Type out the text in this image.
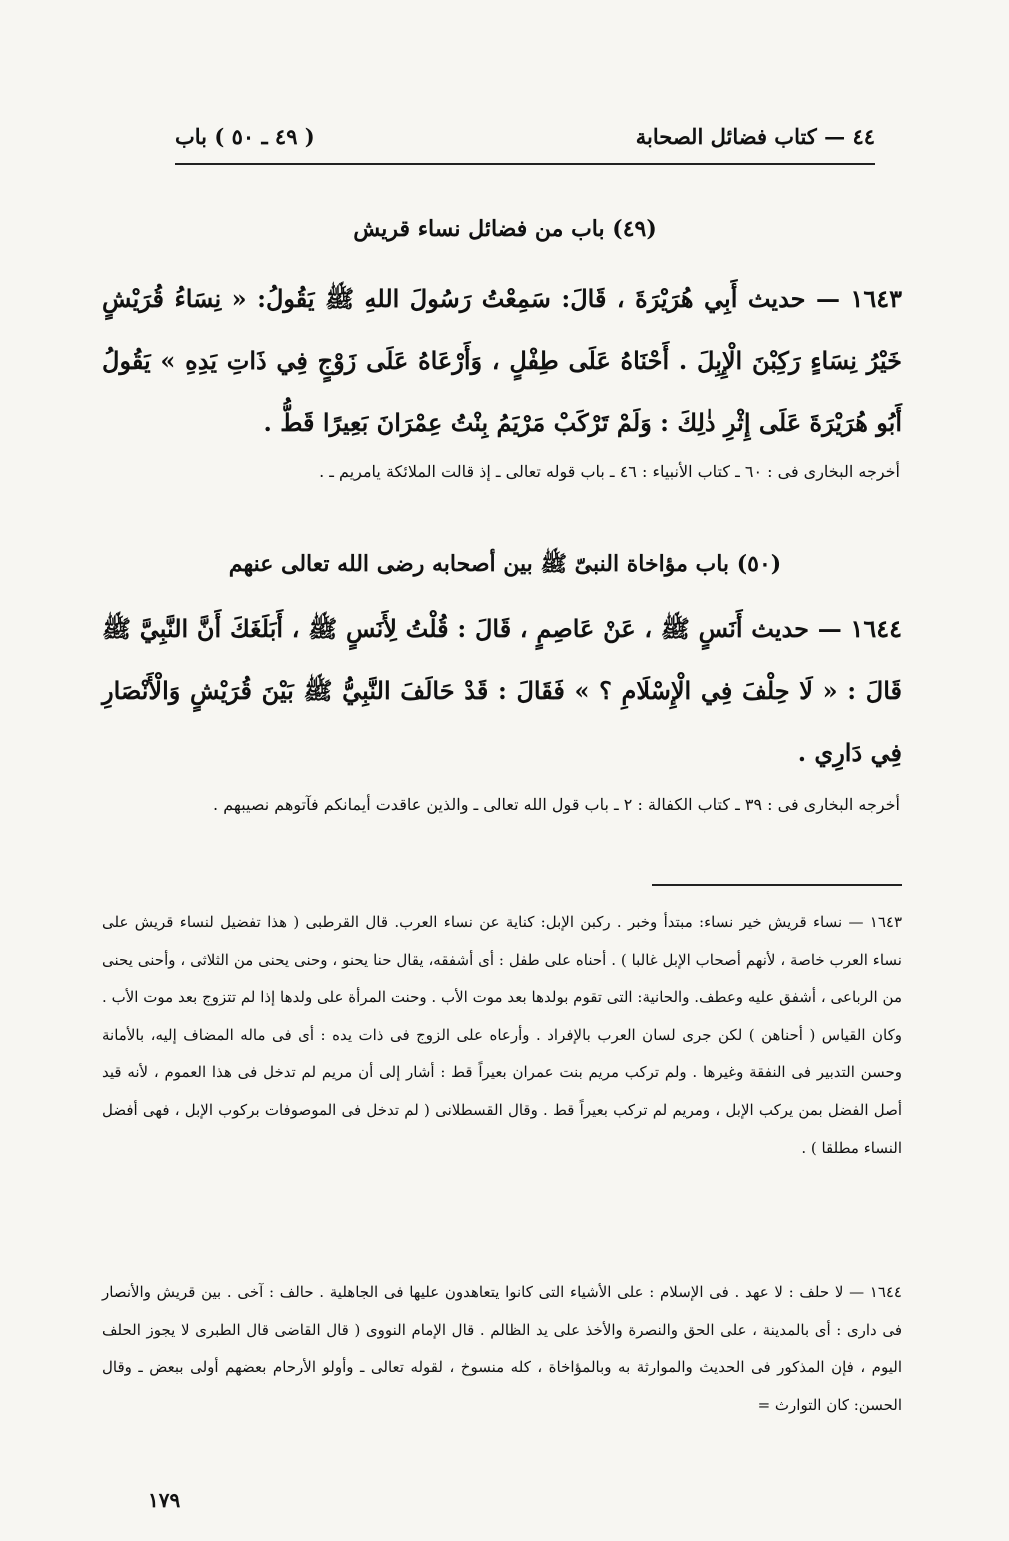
٤٤ — كتاب فضائل الصحابة
( ٤٩ ـ ٥٠ ) باب
(٤٩) باب من فضائل نساء قريش
١٦٤٣ — حديث أَبِي هُرَيْرَةَ ، قَالَ: سَمِعْتُ رَسُولَ اللهِ ﷺ يَقُولُ: « نِسَاءُ قُرَيْشٍ خَيْرُ نِسَاءٍ رَكِبْنَ الْإِبِلَ . أَحْنَاهُ عَلَى طِفْلٍ ، وَأَرْعَاهُ عَلَى زَوْجٍ فِي ذَاتِ يَدِهِ » يَقُولُ أَبُو هُرَيْرَةَ عَلَى إِثْرِ ذٰلِكَ : وَلَمْ تَرْكَبْ مَرْيَمُ بِنْتُ عِمْرَانَ بَعِيرًا قَطُّ .
أخرجه البخارى فى : ٦٠ ـ كتاب الأنبياء : ٤٦ ـ باب قوله تعالى ـ إذ قالت الملائكة يامريم ـ .
(٥٠) باب مؤاخاة النبىّ ﷺ بين أصحابه رضى الله تعالى عنهم
١٦٤٤ — حديث أَنَسٍ ﷺ ، عَنْ عَاصِمٍ ، قَالَ : قُلْتُ لِأَنَسٍ ﷺ ، أَبَلَغَكَ أَنَّ النَّبِيَّ ﷺ قَالَ : « لَا حِلْفَ فِي الْإِسْلَامِ ؟ » فَقَالَ : قَدْ حَالَفَ النَّبِيُّ ﷺ بَيْنَ قُرَيْشٍ وَالْأَنْصَارِ فِي دَارِي .
أخرجه البخارى فى : ٣٩ ـ كتاب الكفالة : ٢ ـ باب قول الله تعالى ـ والذين عاقدت أيمانكم فآتوهم نصيبهم .
١٦٤٣ — نساء قريش خير نساء: مبتدأ وخبر . ركبن الإبل: كناية عن نساء العرب. قال القرطبى ( هذا تفضيل لنساء قريش على نساء العرب خاصة ، لأنهم أصحاب الإبل غالبا ) . أحناه على طفل : أى أشفقه، يقال حنا يحنو ، وحنى يحنى من الثلاثى ، وأحنى يحنى من الرباعى ، أشفق عليه وعطف. والحانية: التى تقوم بولدها بعد موت الأب . وحنت المرأة على ولدها إذا لم تتزوج بعد موت الأب . وكان القياس ( أحناهن ) لكن جرى لسان العرب بالإفراد . وأرعاه على الزوج فى ذات يده : أى فى ماله المضاف إليه، بالأمانة وحسن التدبير فى النفقة وغيرها . ولم تركب مريم بنت عمران بعيراً قط : أشار إلى أن مريم لم تدخل فى هذا العموم ، لأنه قيد أصل الفضل بمن يركب الإبل ، ومريم لم تركب بعيراً قط . وقال القسطلانى ( لم تدخل فى الموصوفات بركوب الإبل ، فهى أفضل النساء مطلقا ) .
١٦٤٤ — لا حلف : لا عهد . فى الإسلام : على الأشياء التى كانوا يتعاهدون عليها فى الجاهلية . حالف : آخى . بين قريش والأنصار فى دارى : أى بالمدينة ، على الحق والنصرة والأخذ على يد الظالم . قال الإمام النووى ( قال القاضى قال الطبرى لا يجوز الحلف اليوم ، فإن المذكور فى الحديث والموارثة به وبالمؤاخاة ، كله منسوخ ، لقوله تعالى ـ وأولو الأرحام بعضهم أولى ببعض ـ وقال الحسن: كان التوارث =
١٧٩
